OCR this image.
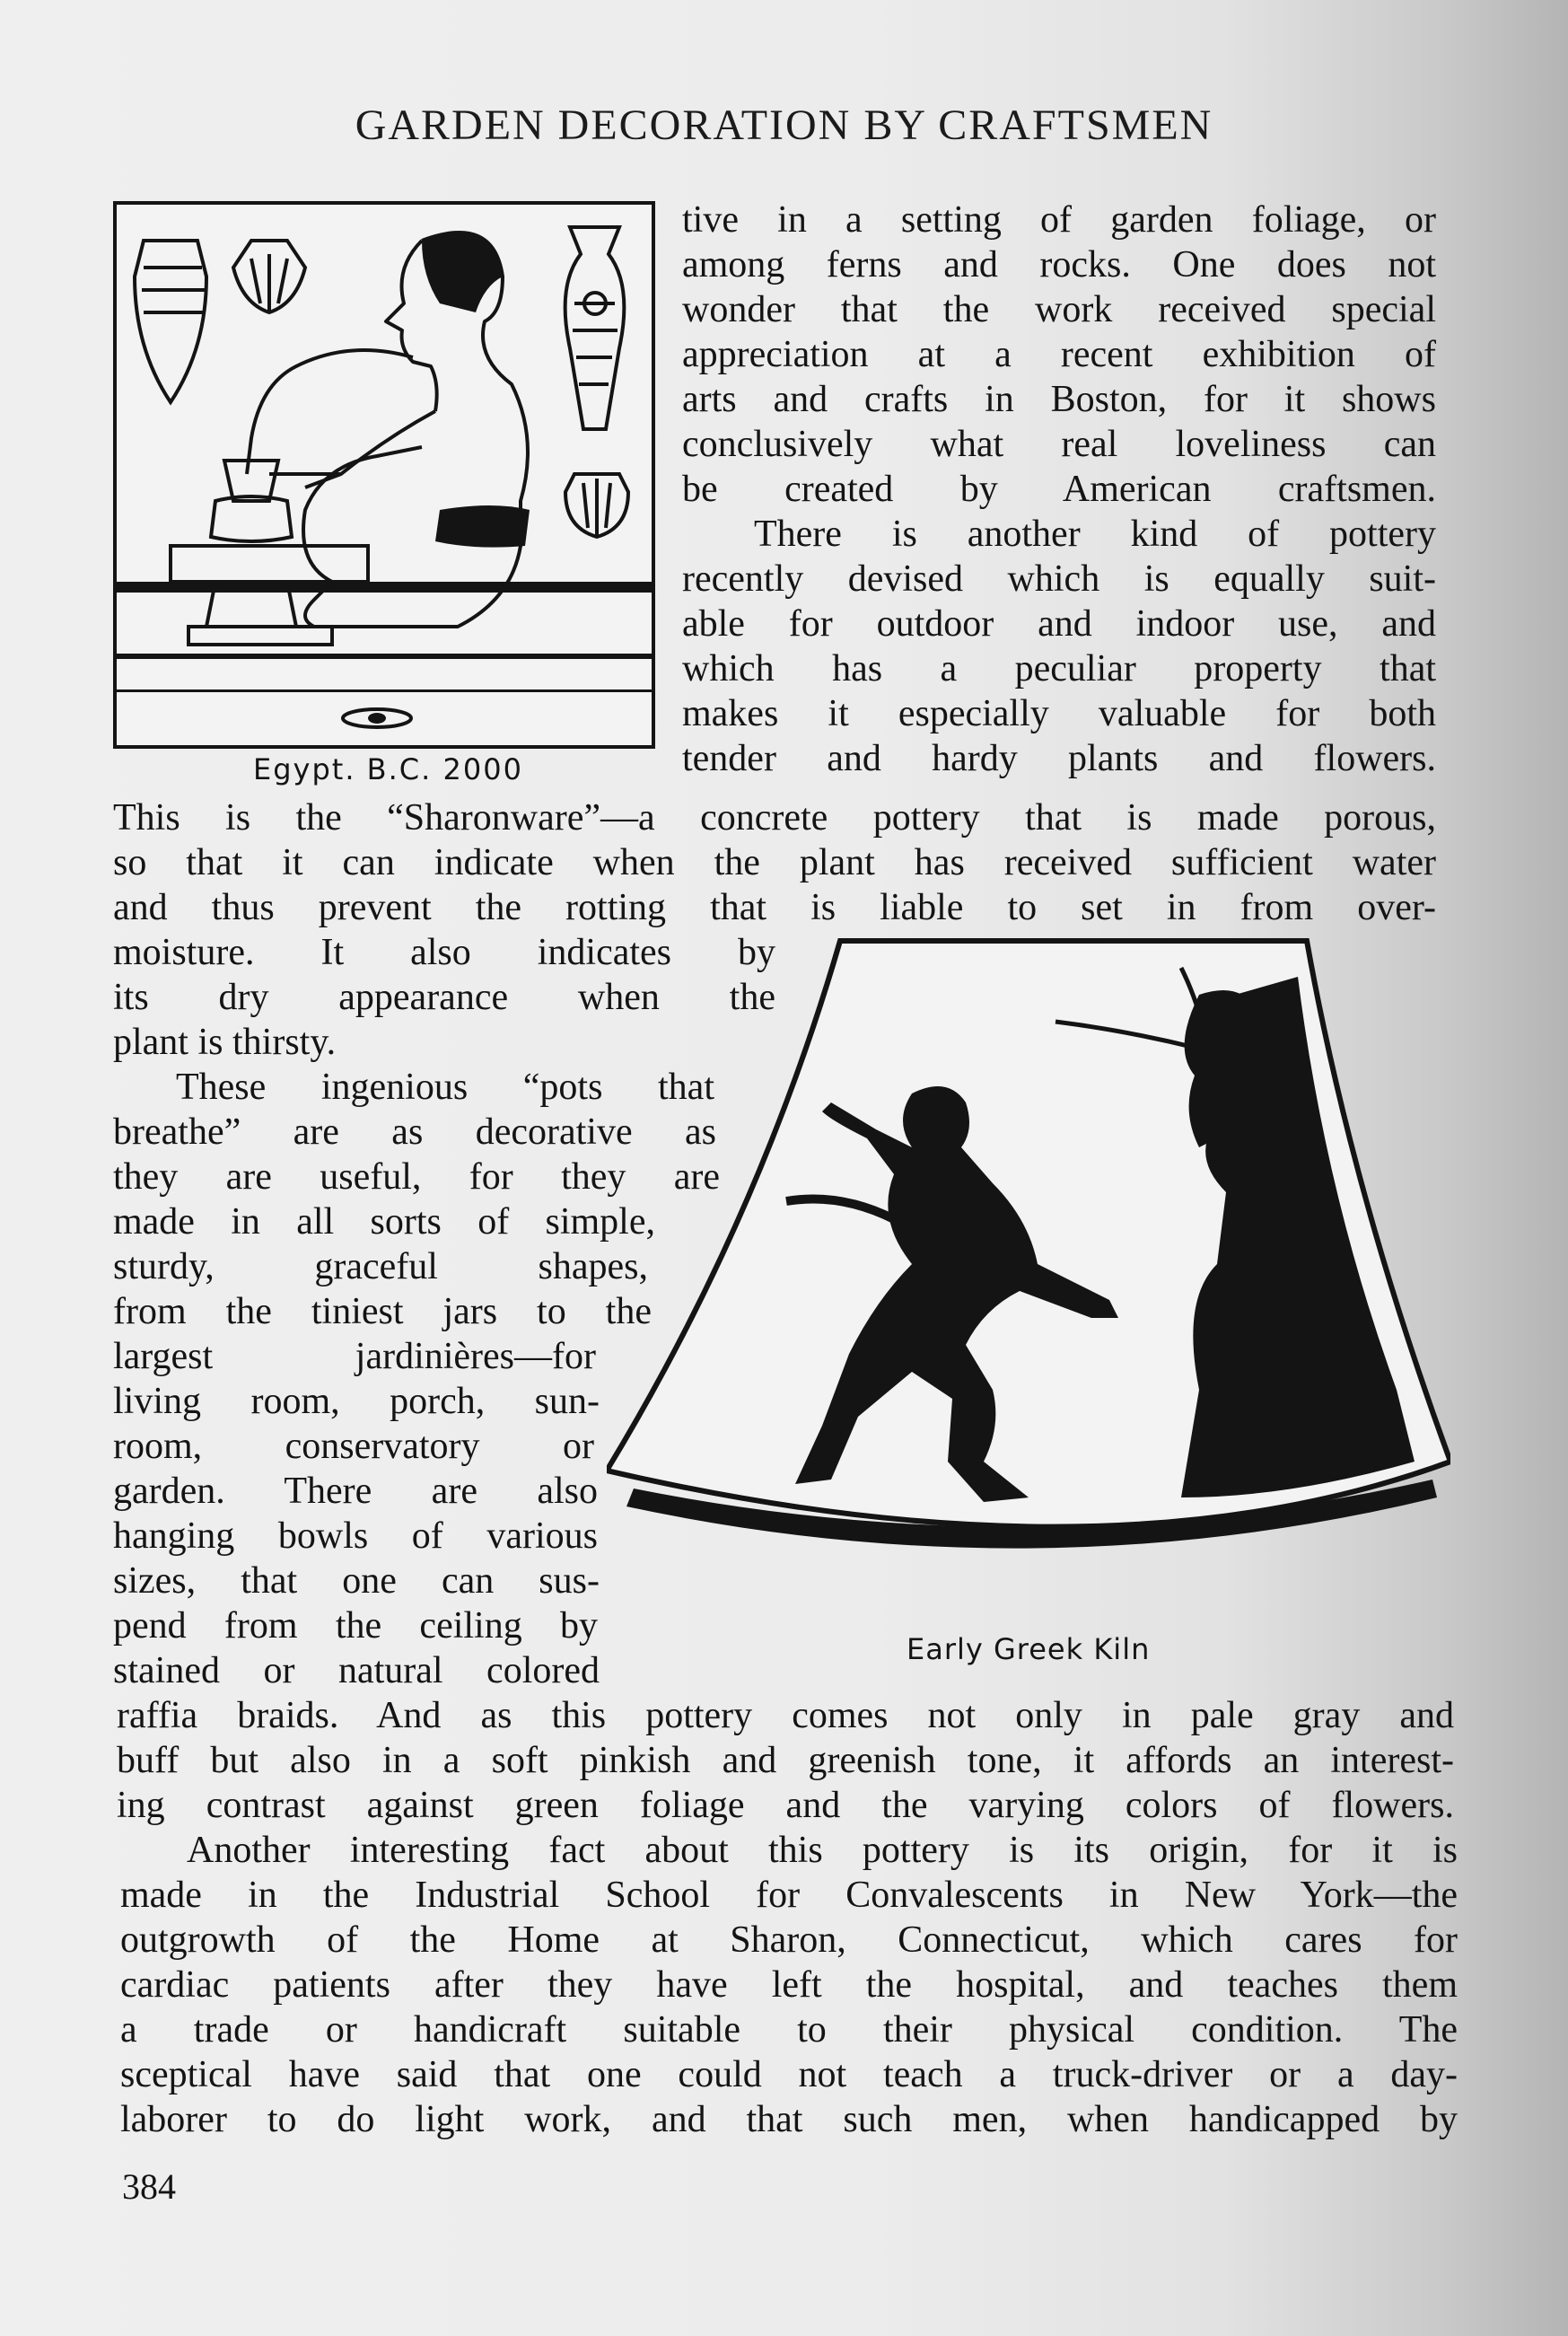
GARDEN DECORATION BY CRAFTSMEN
Egypt. B.C. 2000
tive in a setting of garden foliage, or
among ferns and rocks. One does not
wonder that the work received special
appreciation at a recent exhibition of
arts and crafts in Boston, for it shows
conclusively what real loveliness can
be created by American craftsmen.
There is another kind of pottery
recently devised which is equally suit-
able for outdoor and indoor use, and
which has a peculiar property that
makes it especially valuable for both
tender and hardy plants and flowers.
This is the “Sharonware”—a concrete pottery that is made porous,
so that it can indicate when the plant has received sufficient water
and thus prevent the rotting that is liable to set in from over-
moisture. It also indicates by
its dry appearance when the
plant is thirsty.
These ingenious “pots that
breathe” are as decorative as
they are useful, for they are
made in all sorts of simple,
sturdy, graceful shapes,
from the tiniest jars to the
largest jardinières—for
living room, porch, sun-
room, conservatory or
garden. There are also
hanging bowls of various
sizes, that one can sus-
pend from the ceiling by
stained or natural colored
Early Greek Kiln
raffia braids. And as this pottery comes not only in pale gray and
buff but also in a soft pinkish and greenish tone, it affords an interest-
ing contrast against green foliage and the varying colors of flowers.
Another interesting fact about this pottery is its origin, for it is
made in the Industrial School for Convalescents in New York—the
outgrowth of the Home at Sharon, Connecticut, which cares for
cardiac patients after they have left the hospital, and teaches them
a trade or handicraft suitable to their physical condition. The
sceptical have said that one could not teach a truck-driver or a day-
laborer to do light work, and that such men, when handicapped by
384
